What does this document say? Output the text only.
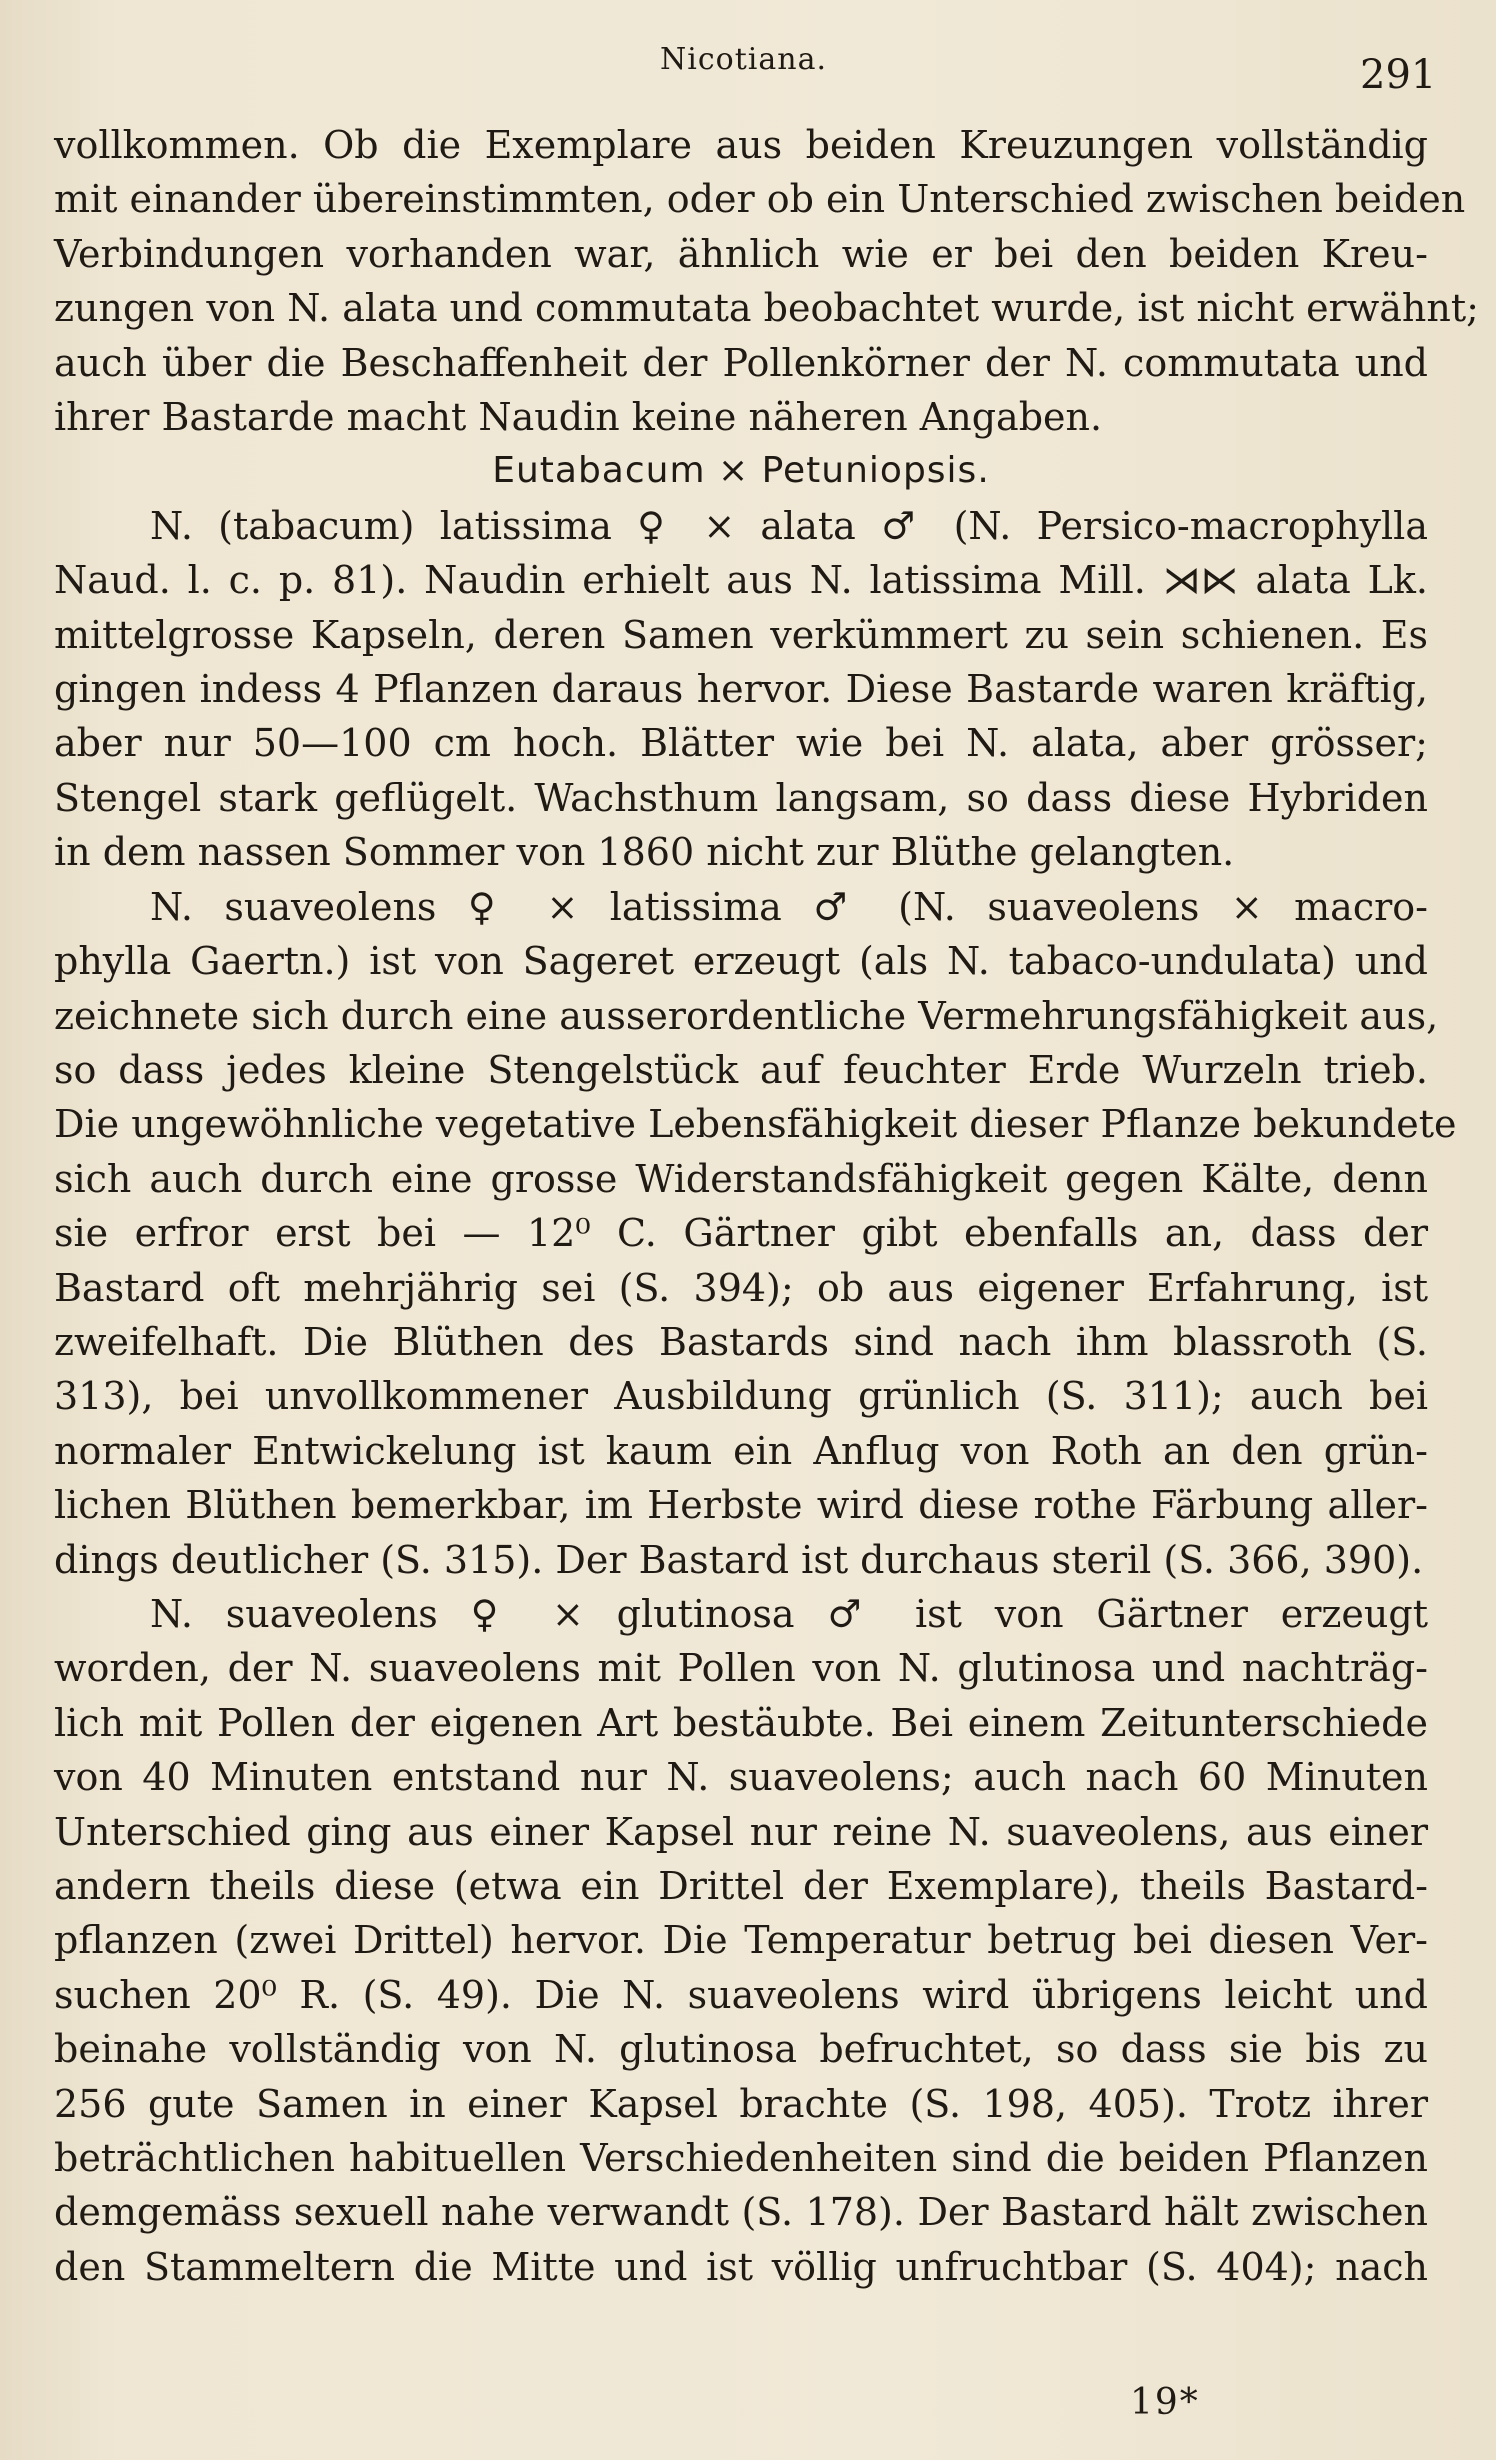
Nicotiana.	291

vollkommen. Ob die Exemplare aus beiden Kreuzungen vollständig
mit einander übereinstimmten, oder ob ein Unterschied zwischen beiden
Verbindungen vorhanden war, ähnlich wie er bei den beiden Kreu-
zungen von N. alata und commutata beobachtet wurde, ist nicht erwähnt;
auch über die Beschaffenheit der Pollenkörner der N. commutata und
ihrer Bastarde macht Naudin keine näheren Angaben.

Eutabacum × Petuniopsis.

N. (tabacum) latissima ♀ × alata ♂ (N. Persico-macrophylla
Naud. l. c. p. 81). Naudin erhielt aus N. latissima Mill. ⋊⋉ alata Lk.
mittelgrosse Kapseln, deren Samen verkümmert zu sein schienen. Es
gingen indess 4 Pflanzen daraus hervor. Diese Bastarde waren kräftig,
aber nur 50—100 cm hoch. Blätter wie bei N. alata, aber grösser;
Stengel stark geflügelt. Wachsthum langsam, so dass diese Hybriden
in dem nassen Sommer von 1860 nicht zur Blüthe gelangten.

N. suaveolens ♀ × latissima ♂ (N. suaveolens × macro-
phylla Gaertn.) ist von Sageret erzeugt (als N. tabaco-undulata) und
zeichnete sich durch eine ausserordentliche Vermehrungsfähigkeit aus,
so dass jedes kleine Stengelstück auf feuchter Erde Wurzeln trieb.
Die ungewöhnliche vegetative Lebensfähigkeit dieser Pflanze bekundete
sich auch durch eine grosse Widerstandsfähigkeit gegen Kälte, denn
sie erfror erst bei — 12⁰ C. Gärtner gibt ebenfalls an, dass der
Bastard oft mehrjährig sei (S. 394); ob aus eigener Erfahrung, ist
zweifelhaft. Die Blüthen des Bastards sind nach ihm blassroth (S.
313), bei unvollkommener Ausbildung grünlich (S. 311); auch bei
normaler Entwickelung ist kaum ein Anflug von Roth an den grün-
lichen Blüthen bemerkbar, im Herbste wird diese rothe Färbung aller-
dings deutlicher (S. 315). Der Bastard ist durchaus steril (S. 366, 390).

N. suaveolens ♀ × glutinosa ♂ ist von Gärtner erzeugt
worden, der N. suaveolens mit Pollen von N. glutinosa und nachträg-
lich mit Pollen der eigenen Art bestäubte. Bei einem Zeitunterschiede
von 40 Minuten entstand nur N. suaveolens; auch nach 60 Minuten
Unterschied ging aus einer Kapsel nur reine N. suaveolens, aus einer
andern theils diese (etwa ein Drittel der Exemplare), theils Bastard-
pflanzen (zwei Drittel) hervor. Die Temperatur betrug bei diesen Ver-
suchen 20⁰ R. (S. 49). Die N. suaveolens wird übrigens leicht und
beinahe vollständig von N. glutinosa befruchtet, so dass sie bis zu
256 gute Samen in einer Kapsel brachte (S. 198, 405). Trotz ihrer
beträchtlichen habituellen Verschiedenheiten sind die beiden Pflanzen
demgemäss sexuell nahe verwandt (S. 178). Der Bastard hält zwischen
den Stammeltern die Mitte und ist völlig unfruchtbar (S. 404); nach

19*
